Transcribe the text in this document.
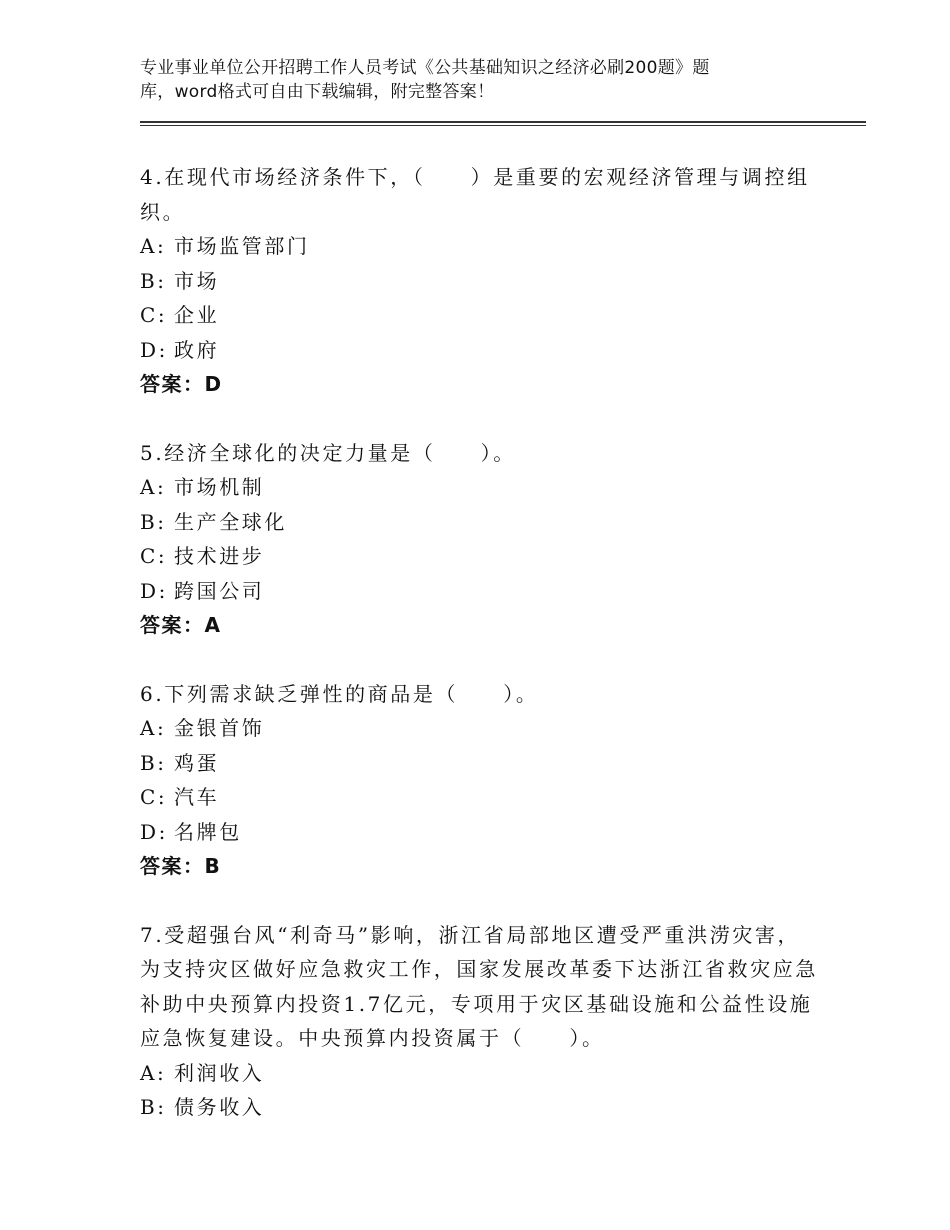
专业事业单位公开招聘工作人员考试《公共基础知识之经济必刷200题》题
库，word格式可自由下载编辑，附完整答案！
4.在现代市场经济条件下，（　　）是重要的宏观经济管理与调控组
织。
A: 市场监管部门
B: 市场
C: 企业
D: 政府
答案：D
5.经济全球化的决定力量是（　　）。
A: 市场机制
B: 生产全球化
C: 技术进步
D: 跨国公司
答案：A
6.下列需求缺乏弹性的商品是（　　）。
A: 金银首饰
B: 鸡蛋
C: 汽车
D: 名牌包
答案：B
7.受超强台风“利奇马”影响，浙江省局部地区遭受严重洪涝灾害，
为支持灾区做好应急救灾工作，国家发展改革委下达浙江省救灾应急
补助中央预算内投资1.7亿元，专项用于灾区基础设施和公益性设施
应急恢复建设。中央预算内投资属于（　　）。
A: 利润收入
B: 债务收入
